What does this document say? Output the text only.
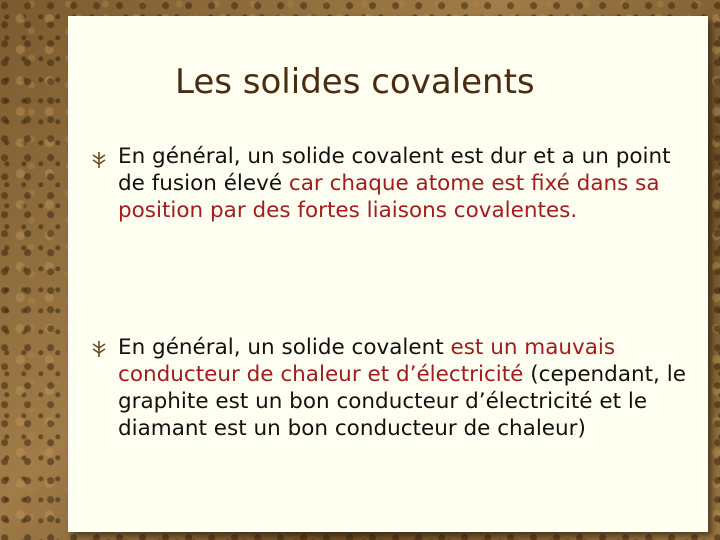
Les solides covalents
En général, un solide covalent est dur et a un point de fusion élevé car chaque atome est fixé dans sa position par des fortes liaisons covalentes.
En général, un solide covalent est un mauvais conducteur de chaleur et d’électricité (cependant, le graphite est un bon conducteur d’électricité et le diamant est un bon conducteur de chaleur)
